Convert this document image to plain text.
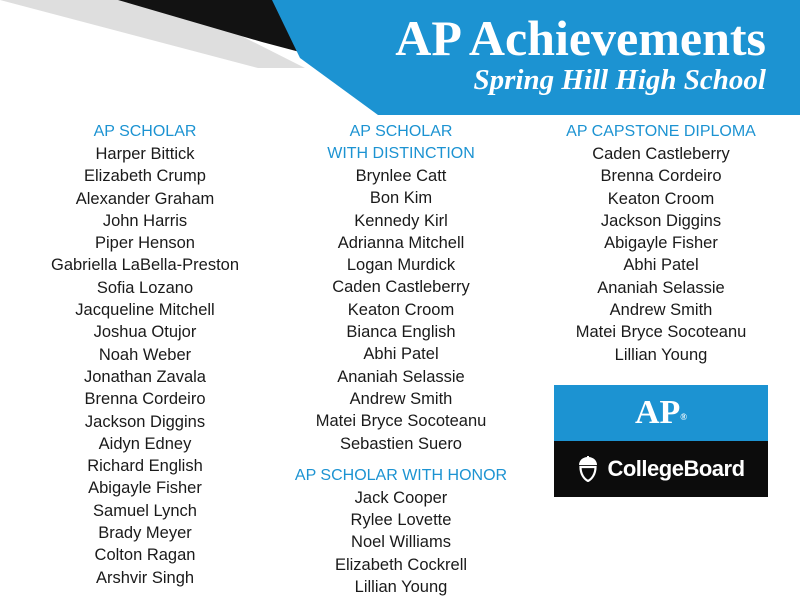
AP Achievements
Spring Hill High School
AP SCHOLAR
Harper Bittick
Elizabeth Crump
Alexander Graham
John Harris
Piper Henson
Gabriella LaBella-Preston
Sofia Lozano
Jacqueline Mitchell
Joshua Otujor
Noah Weber
Jonathan Zavala
Brenna Cordeiro
Jackson Diggins
Aidyn Edney
Richard English
Abigayle Fisher
Samuel Lynch
Brady Meyer
Colton Ragan
Arshvir Singh
AP SCHOLAR
WITH DISTINCTION
Brynlee Catt
Bon Kim
Kennedy Kirl
Adrianna Mitchell
Logan Murdick
Caden Castleberry
Keaton Croom
Bianca English
Abhi Patel
Ananiah Selassie
Andrew Smith
Matei Bryce Socoteanu
Sebastien Suero
AP SCHOLAR WITH HONOR
Jack Cooper
Rylee Lovette
Noel Williams
Elizabeth Cockrell
Lillian Young
AP CAPSTONE DIPLOMA
Caden Castleberry
Brenna Cordeiro
Keaton Croom
Jackson Diggins
Abigayle Fisher
Abhi Patel
Ananiah Selassie
Andrew Smith
Matei Bryce Socoteanu
Lillian Young
AP®
CollegeBoard
